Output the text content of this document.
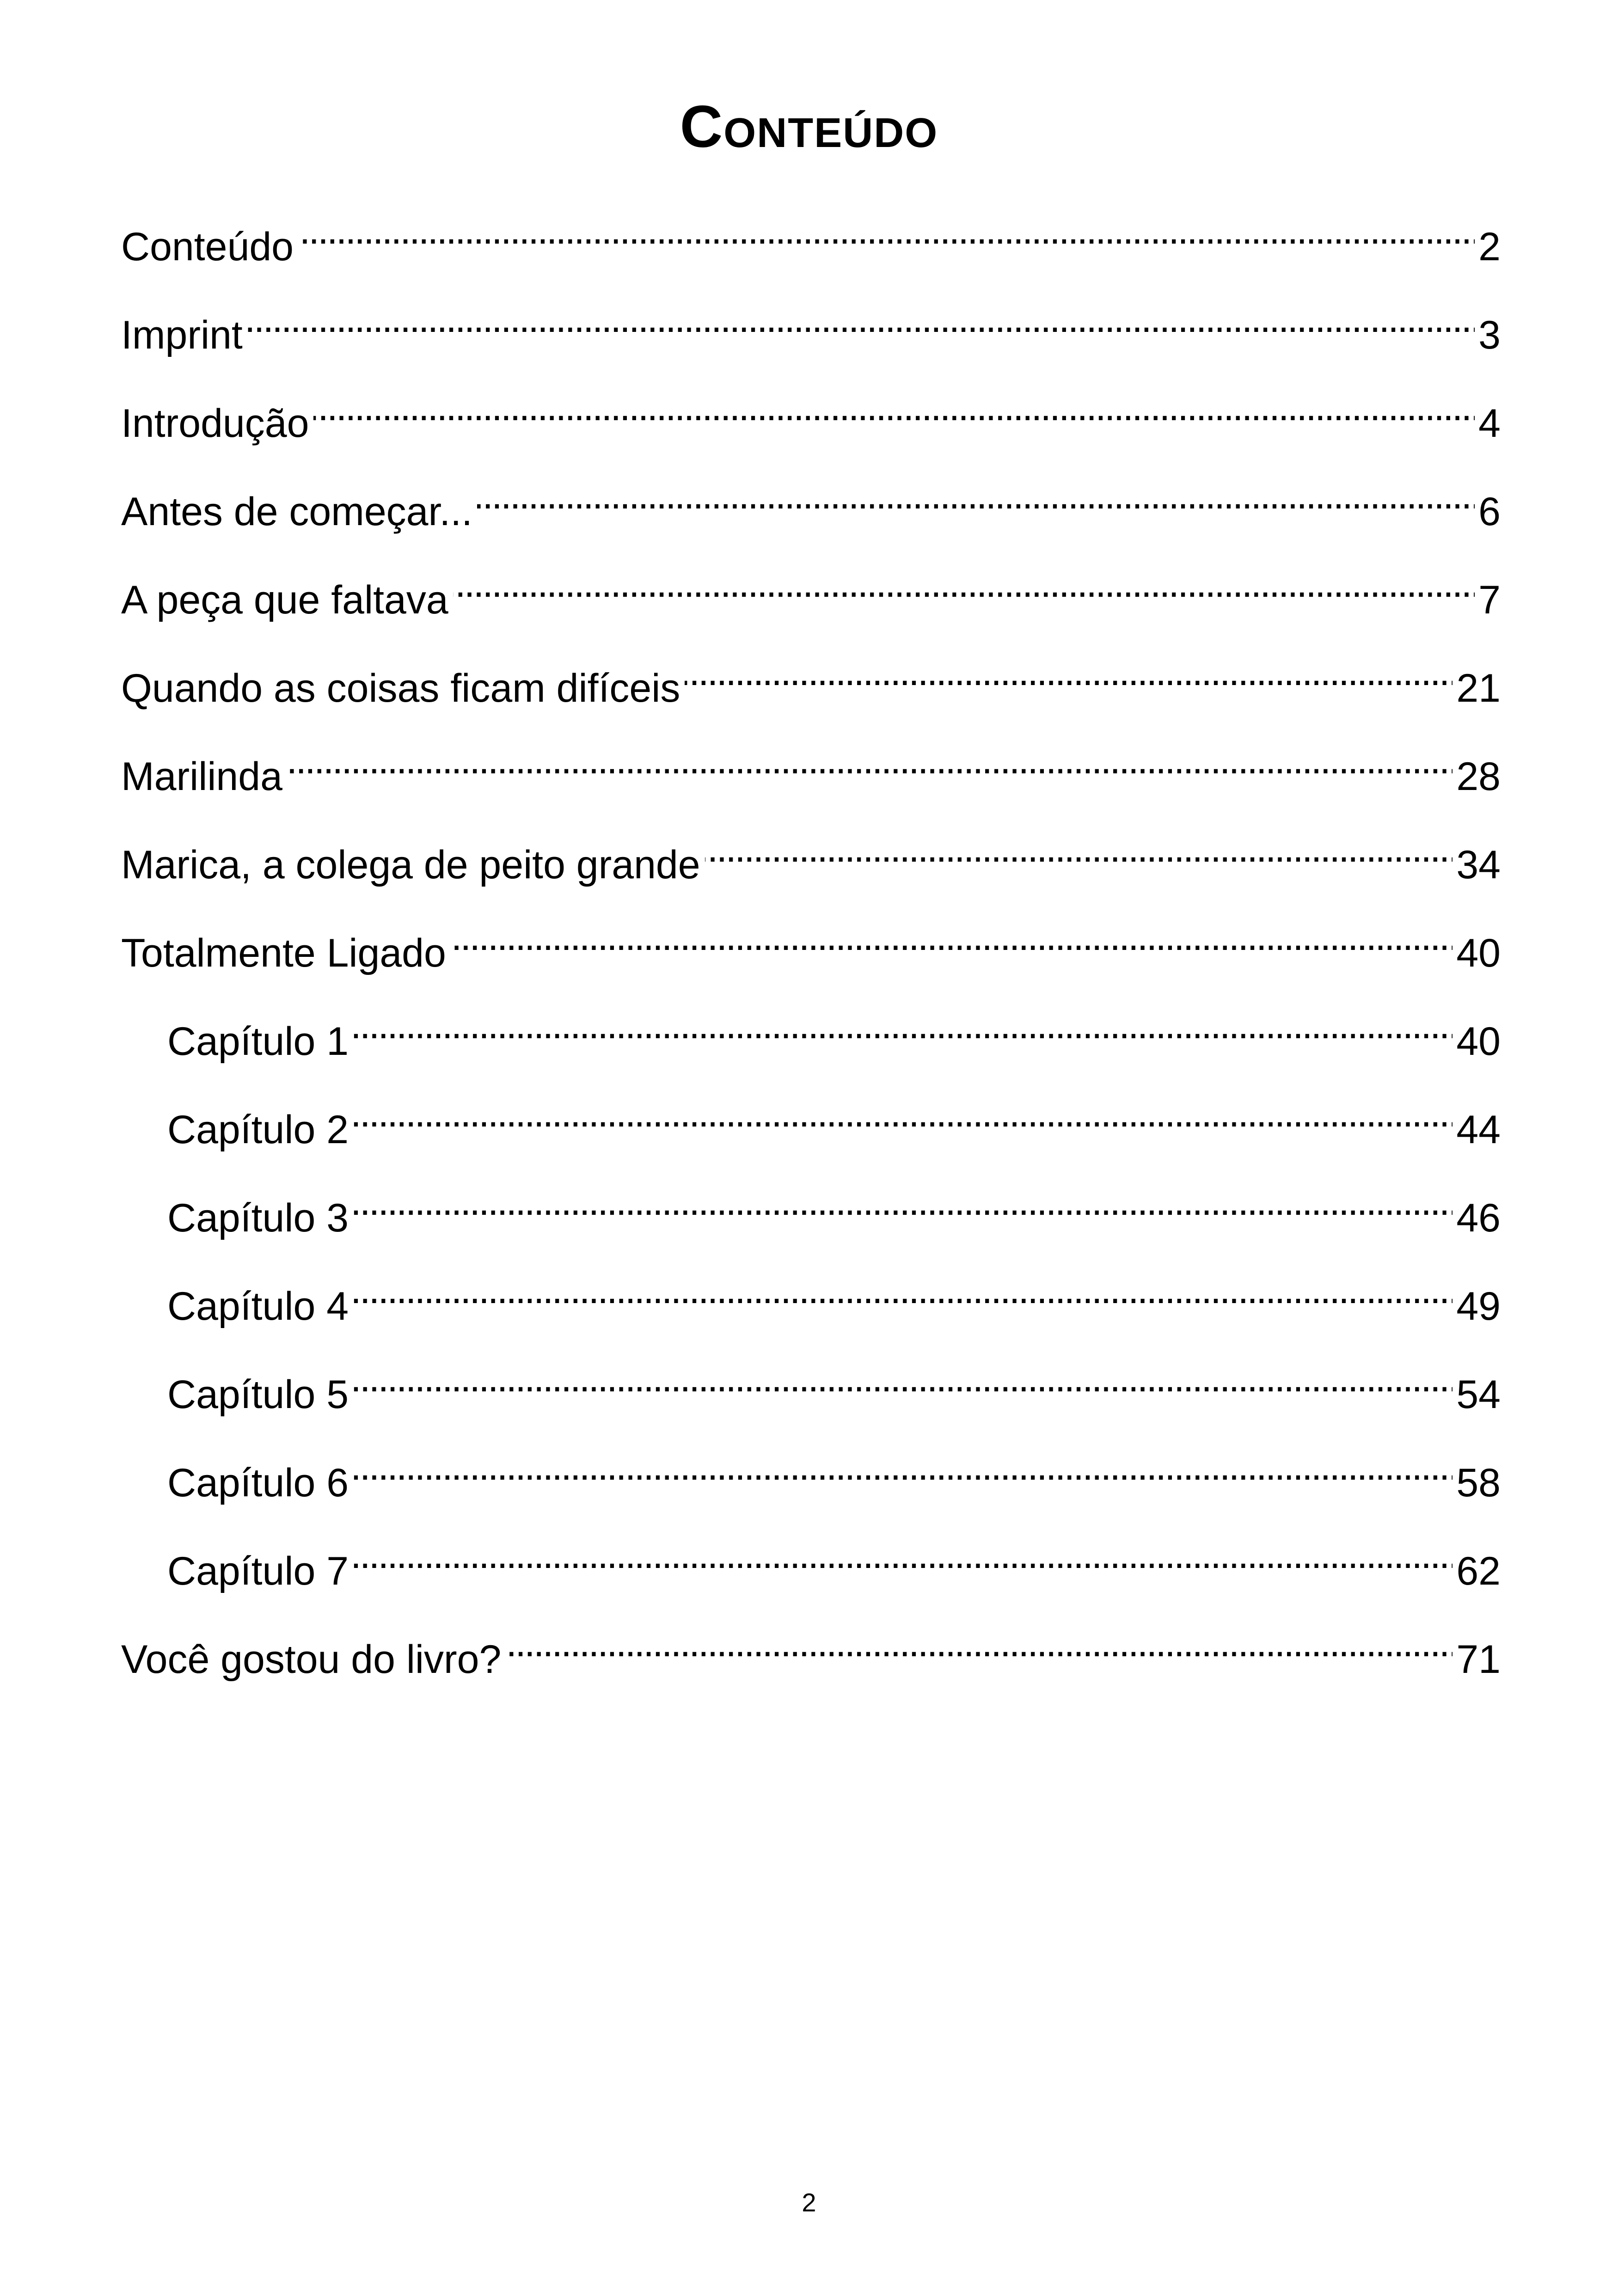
Conteúdo
Conteúdo . . .	2
Imprint . . .	3
Introdução . . .	4
Antes de começar... . . .	6
A peça que faltava . . .	7
Quando as coisas ficam difíceis . . .	21
Marilinda . . .	28
Marica, a colega de peito grande . . .	34
Totalmente Ligado . . .	40
Capítulo 1 . . .	40
Capítulo 2 . . .	44
Capítulo 3 . . .	46
Capítulo 4 . . .	49
Capítulo 5 . . .	54
Capítulo 6 . . .	58
Capítulo 7 . . .	62
Você gostou do livro? . . .	71
2
